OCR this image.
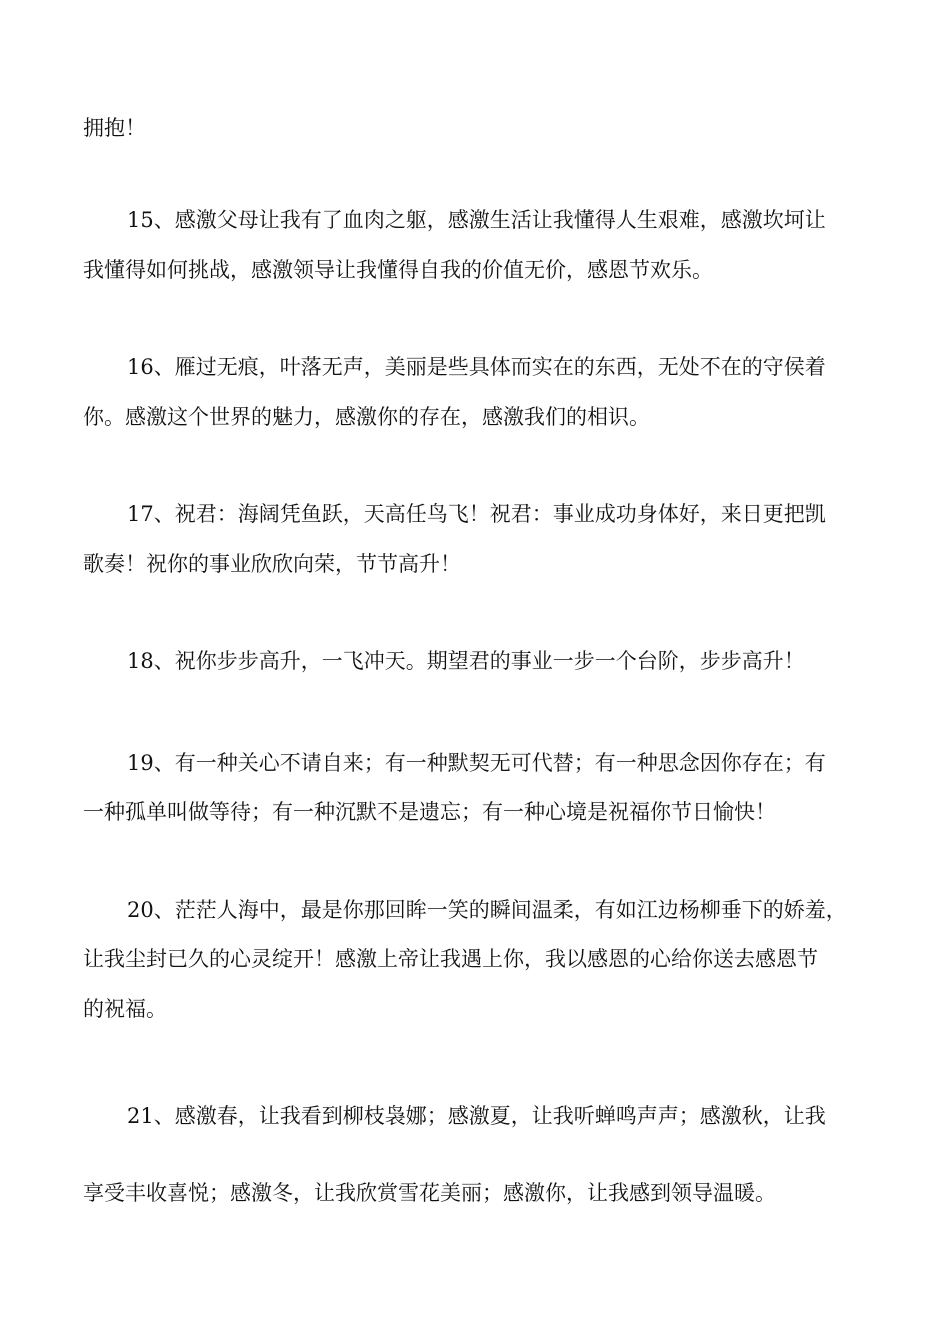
拥抱！
15、感激父母让我有了血肉之躯，感激生活让我懂得人生艰难，感激坎坷让
我懂得如何挑战，感激领导让我懂得自我的价值无价，感恩节欢乐。
16、雁过无痕，叶落无声，美丽是些具体而实在的东西，无处不在的守侯着
你。感激这个世界的魅力，感激你的存在，感激我们的相识。
17、祝君：海阔凭鱼跃，天高任鸟飞！祝君：事业成功身体好，来日更把凯
歌奏！祝你的事业欣欣向荣，节节高升！
18、祝你步步高升，一飞冲天。期望君的事业一步一个台阶，步步高升！
19、有一种关心不请自来；有一种默契无可代替；有一种思念因你存在；有
一种孤单叫做等待；有一种沉默不是遗忘；有一种心境是祝福你节日愉快！
20、茫茫人海中，最是你那回眸一笑的瞬间温柔，有如江边杨柳垂下的娇羞，
让我尘封已久的心灵绽开！感激上帝让我遇上你，我以感恩的心给你送去感恩节
的祝福。
21、感激春，让我看到柳枝袅娜；感激夏，让我听蝉鸣声声；感激秋，让我
享受丰收喜悦；感激冬，让我欣赏雪花美丽；感激你，让我感到领导温暖。
